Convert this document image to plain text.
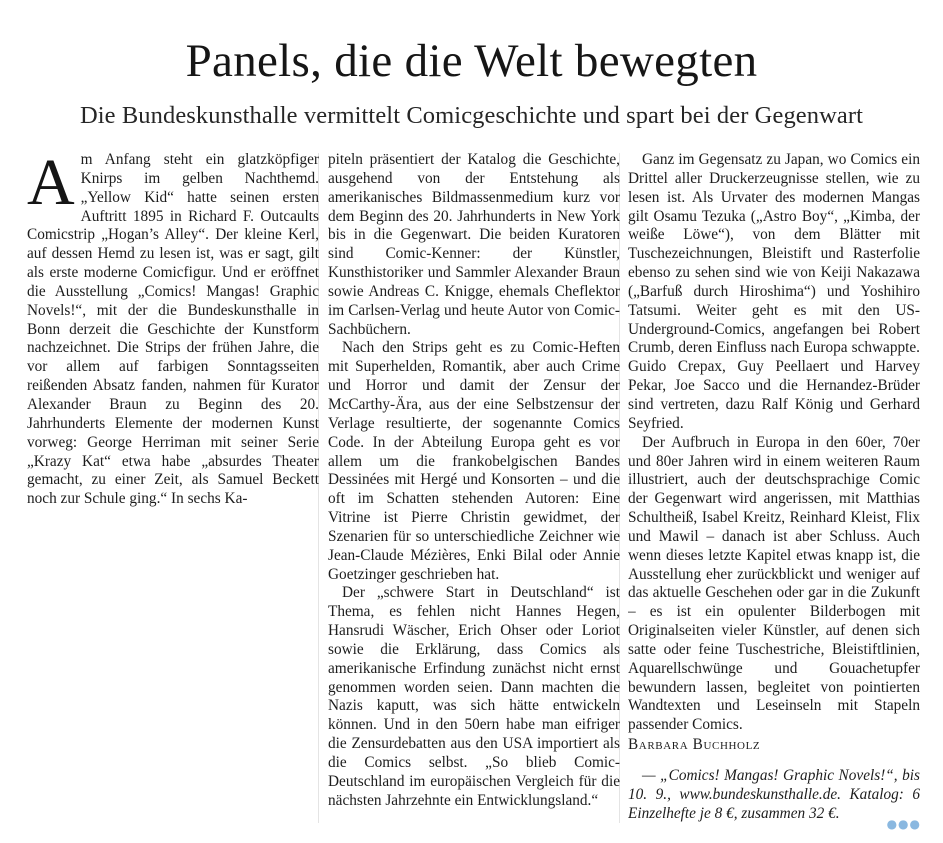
Panels, die die Welt bewegten
Die Bundeskunsthalle vermittelt Comicgeschichte und spart bei der Gegenwart

Am Anfang steht ein glatzköpfiger Knirps im gelben Nachthemd. „Yellow Kid“ hatte seinen ersten Auftritt 1895 in Richard F. Outcaults Comicstrip „Hogan’s Alley“. Der kleine Kerl, auf dessen Hemd zu lesen ist, was er sagt, gilt als erste moderne Comicfigur. Und er eröffnet die Ausstellung „Comics! Mangas! Graphic Novels!“, mit der die Bundeskunsthalle in Bonn derzeit die Geschichte der Kunstform nachzeichnet. Die Strips der frühen Jahre, die vor allem auf farbigen Sonntagsseiten reißenden Absatz fanden, nahmen für Kurator Alexander Braun zu Beginn des 20. Jahrhunderts Elemente der modernen Kunst vorweg: George Herriman mit seiner Serie „Krazy Kat“ etwa habe „absurdes Theater gemacht, zu einer Zeit, als Samuel Beckett noch zur Schule ging.“ In sechs Ka-

piteln präsentiert der Katalog die Geschichte, ausgehend von der Entstehung als amerikanisches Bildmassenmedium kurz vor dem Beginn des 20. Jahrhunderts in New York bis in die Gegenwart. Die beiden Kuratoren sind Comic-Kenner: der Künstler, Kunsthistoriker und Sammler Alexander Braun sowie Andreas C. Knigge, ehemals Cheflektor im Carlsen-Verlag und heute Autor von Comic-Sachbüchern.

Nach den Strips geht es zu Comic-Heften mit Superhelden, Romantik, aber auch Crime und Horror und damit der Zensur der McCarthy-Ära, aus der eine Selbstzensur der Verlage resultierte, der sogenannte Comics Code. In der Abteilung Europa geht es vor allem um die frankobelgischen Bandes Dessinées mit Hergé und Konsorten – und die oft im Schatten stehenden Autoren: Eine Vitrine ist Pierre Christin gewidmet, der Szenarien für so unterschiedliche Zeichner wie Jean-Claude Mézières, Enki Bilal oder Annie Goetzinger geschrieben hat.

Der „schwere Start in Deutschland“ ist Thema, es fehlen nicht Hannes Hegen, Hansrudi Wäscher, Erich Ohser oder Loriot sowie die Erklärung, dass Comics als amerikanische Erfindung zunächst nicht ernst genommen worden seien. Dann machten die Nazis kaputt, was sich hätte entwickeln können. Und in den 50ern habe man eifriger die Zensurdebatten aus den USA importiert als die Comics selbst. „So blieb Comic-Deutschland im europäischen Vergleich für die nächsten Jahrzehnte ein Entwicklungsland.“

Ganz im Gegensatz zu Japan, wo Comics ein Drittel aller Druckerzeugnisse stellen, wie zu lesen ist. Als Urvater des modernen Mangas gilt Osamu Tezuka („Astro Boy“, „Kimba, der weiße Löwe“), von dem Blätter mit Tuschezeichnungen, Bleistift und Rasterfolie ebenso zu sehen sind wie von Keiji Nakazawa („Barfuß durch Hiroshima“) und Yoshihiro Tatsumi. Weiter geht es mit den US-Underground-Comics, angefangen bei Robert Crumb, deren Einfluss nach Europa schwappte. Guido Crepax, Guy Peellaert und Harvey Pekar, Joe Sacco und die Hernandez-Brüder sind vertreten, dazu Ralf König und Gerhard Seyfried.

Der Aufbruch in Europa in den 60er, 70er und 80er Jahren wird in einem weiteren Raum illustriert, auch der deutschsprachige Comic der Gegenwart wird angerissen, mit Matthias Schultheiß, Isabel Kreitz, Reinhard Kleist, Flix und Mawil – danach ist aber Schluss. Auch wenn dieses letzte Kapitel etwas knapp ist, die Ausstellung eher zurückblickt und weniger auf das aktuelle Geschehen oder gar in die Zukunft – es ist ein opulenter Bilderbogen mit Originalseiten vieler Künstler, auf denen sich satte oder feine Tuschestriche, Bleistiftlinien, Aquarellschwünge und Gouachetupfer bewundern lassen, begleitet von pointierten Wandtexten und Leseinseln mit Stapeln passender Comics.

Barbara Buchholz

— „Comics! Mangas! Graphic Novels!“, bis 10. 9., www.bundeskunsthalle.de. Katalog: 6 Einzelhefte je 8 €, zusammen 32 €.

●●●
